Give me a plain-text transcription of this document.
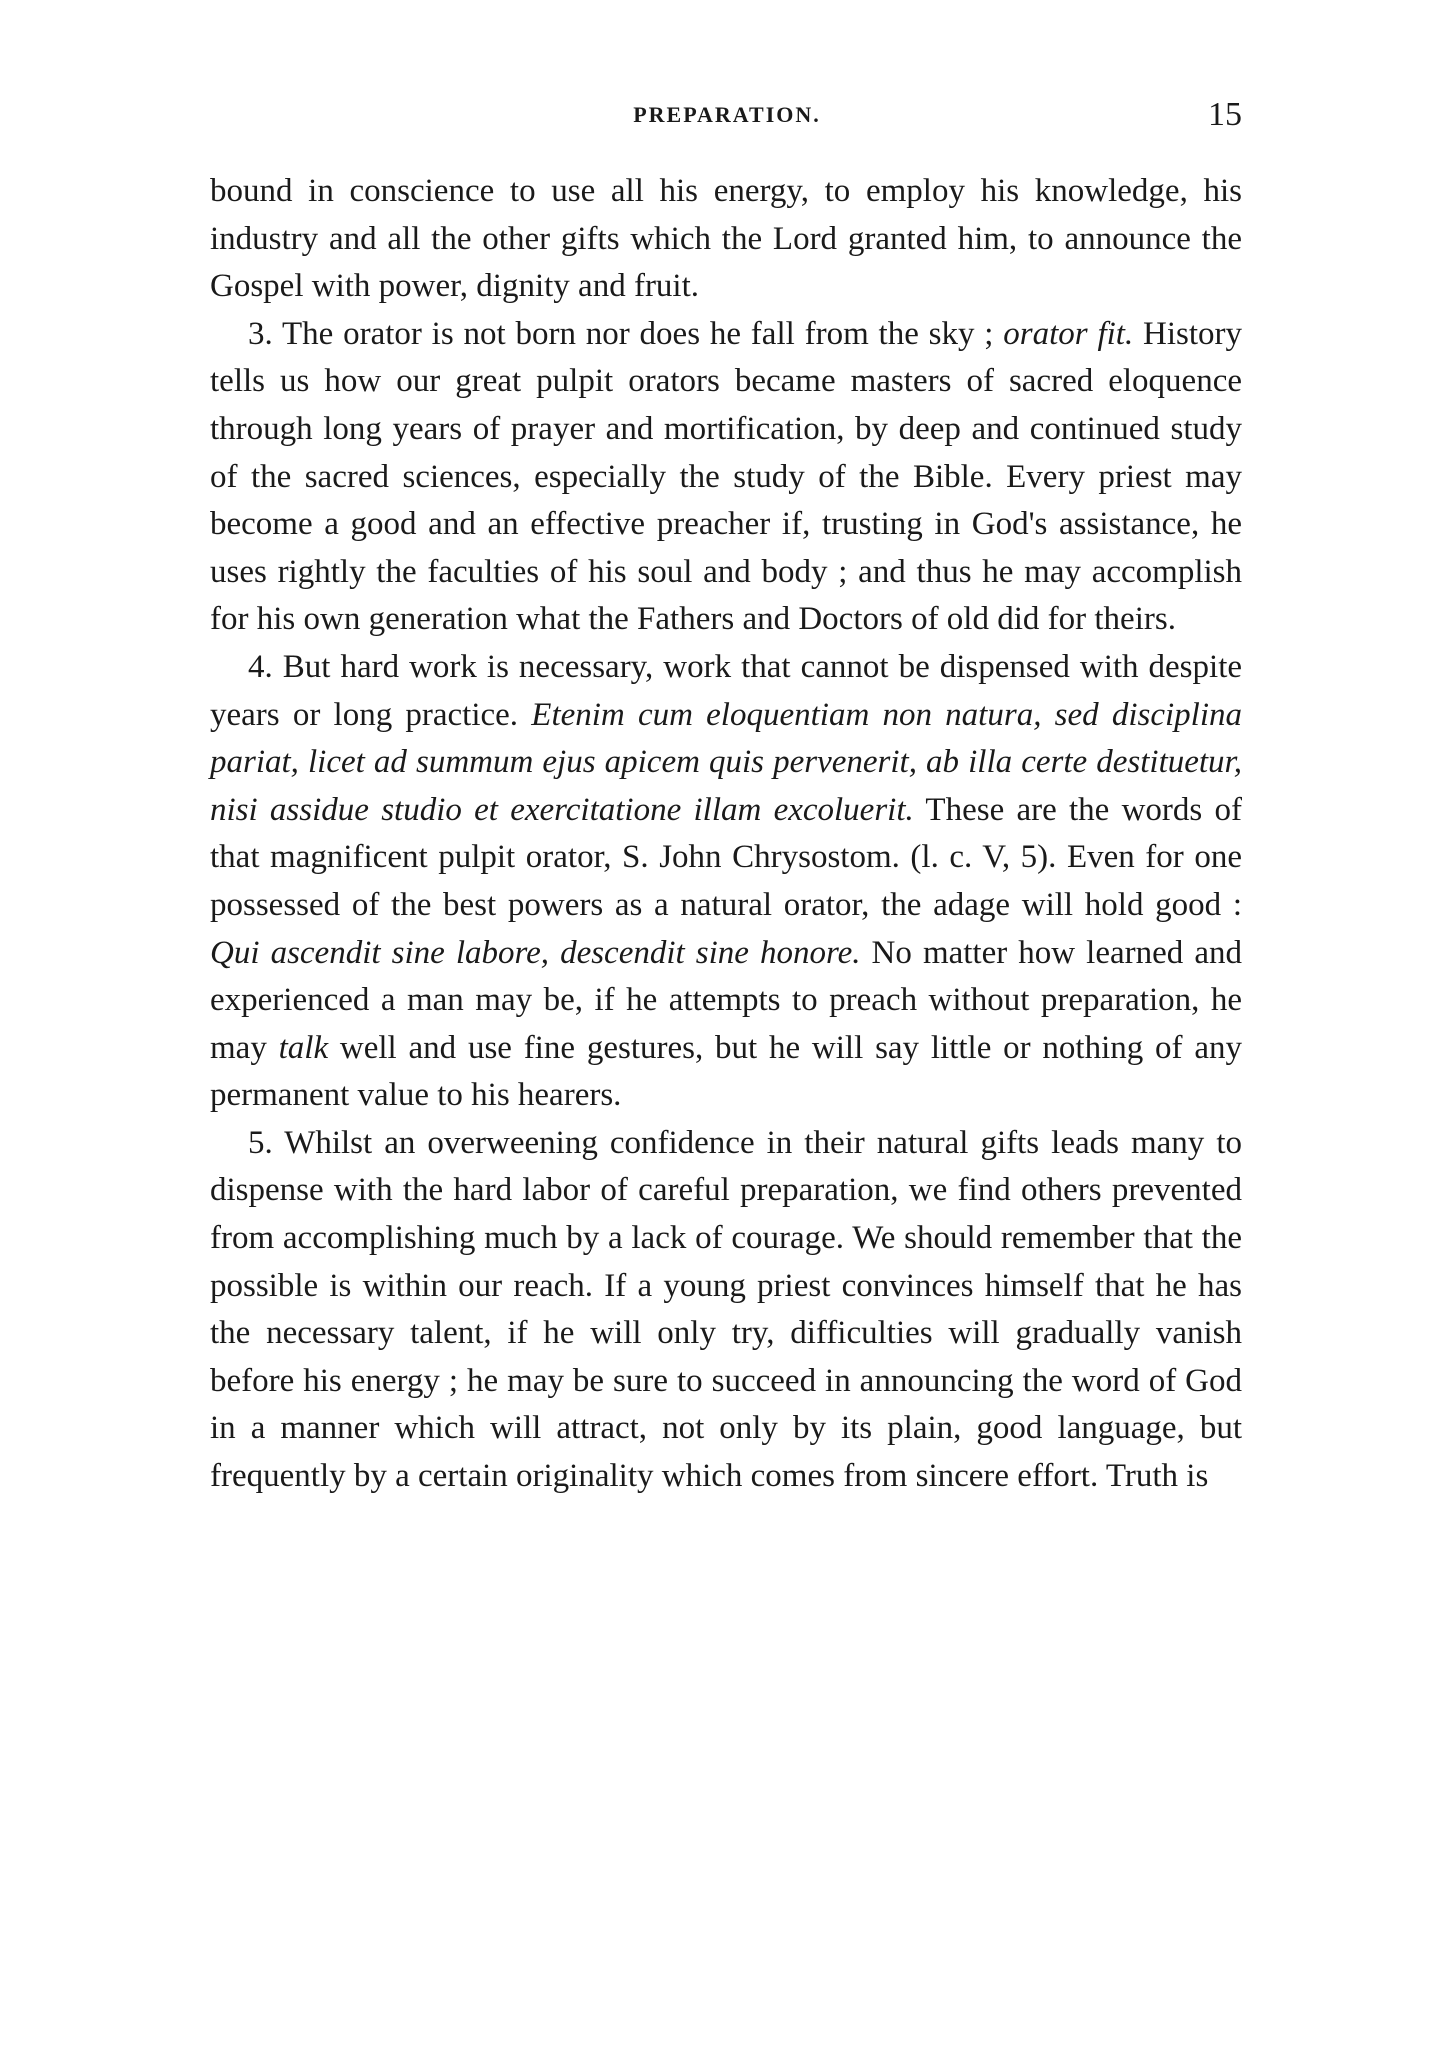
PREPARATION.	15

bound in conscience to use all his energy, to employ his knowledge, his industry and all the other gifts which the Lord granted him, to announce the Gospel with power, dignity and fruit.

3. The orator is not born nor does he fall from the sky ; orator fit. History tells us how our great pulpit orators became masters of sacred eloquence through long years of prayer and mortification, by deep and continued study of the sacred sciences, especially the study of the Bible. Every priest may become a good and an effective preacher if, trusting in God's assistance, he uses rightly the faculties of his soul and body ; and thus he may accomplish for his own generation what the Fathers and Doctors of old did for theirs.

4. But hard work is necessary, work that cannot be dispensed with despite years or long practice. Etenim cum eloquentiam non natura, sed disciplina pariat, licet ad summum ejus apicem quis pervenerit, ab illa certe destituetur, nisi assidue studio et exercitatione illam excoluerit. These are the words of that magnificent pulpit orator, S. John Chrysostom. (l. c. V, 5). Even for one possessed of the best powers as a natural orator, the adage will hold good : Qui ascendit sine labore, descendit sine honore. No matter how learned and experienced a man may be, if he attempts to preach without preparation, he may talk well and use fine gestures, but he will say little or nothing of any permanent value to his hearers.

5. Whilst an overweening confidence in their natural gifts leads many to dispense with the hard labor of careful preparation, we find others prevented from accomplishing much by a lack of courage. We should remember that the possible is within our reach. If a young priest convinces himself that he has the necessary talent, if he will only try, difficulties will gradually vanish before his energy ; he may be sure to succeed in announcing the word of God in a manner which will attract, not only by its plain, good language, but frequently by a certain originality which comes from sincere effort. Truth is
